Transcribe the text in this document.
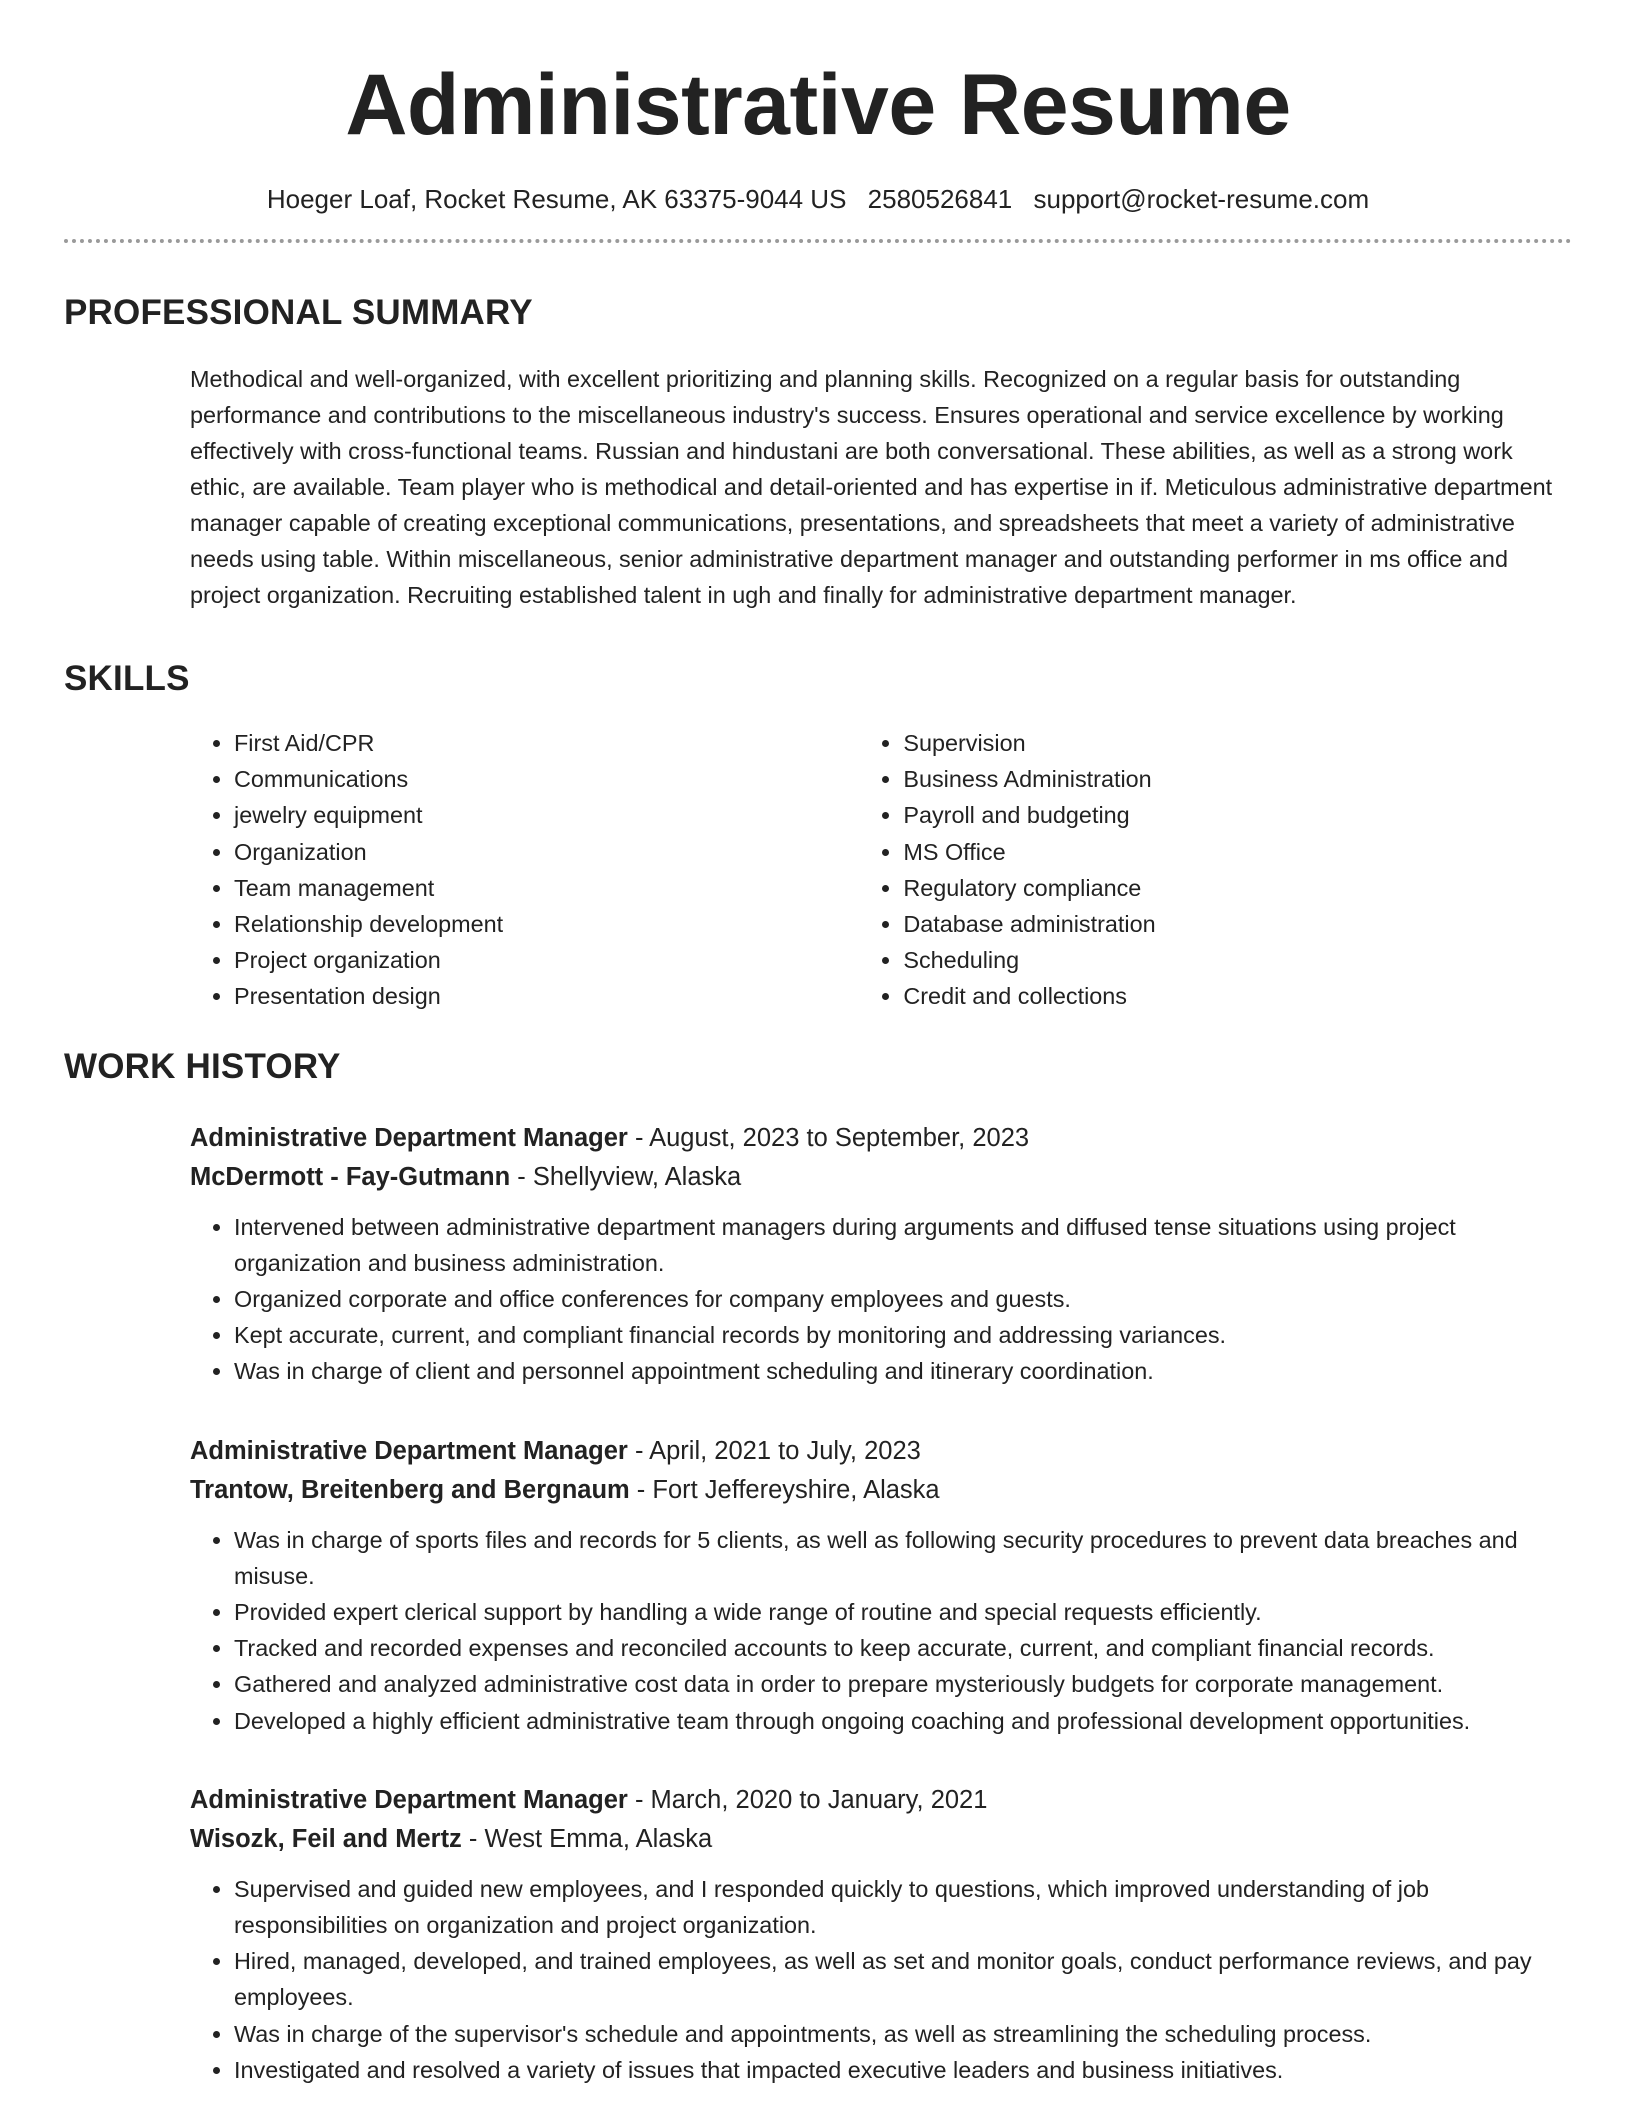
Administrative Resume
Hoeger Loaf, Rocket Resume, AK 63375-9044 US 2580526841 support@rocket-resume.com
PROFESSIONAL SUMMARY
Methodical and well-organized, with excellent prioritizing and planning skills. Recognized on a regular basis for outstanding performance and contributions to the miscellaneous industry's success. Ensures operational and service excellence by working effectively with cross-functional teams. Russian and hindustani are both conversational. These abilities, as well as a strong work ethic, are available. Team player who is methodical and detail-oriented and has expertise in if. Meticulous administrative department manager capable of creating exceptional communications, presentations, and spreadsheets that meet a variety of administrative needs using table. Within miscellaneous, senior administrative department manager and outstanding performer in ms office and project organization. Recruiting established talent in ugh and finally for administrative department manager.
SKILLS
• First Aid/CPR
• Communications
• jewelry equipment
• Organization
• Team management
• Relationship development
• Project organization
• Presentation design
• Supervision
• Business Administration
• Payroll and budgeting
• MS Office
• Regulatory compliance
• Database administration
• Scheduling
• Credit and collections
WORK HISTORY
Administrative Department Manager - August, 2023 to September, 2023
McDermott - Fay-Gutmann - Shellyview, Alaska
• Intervened between administrative department managers during arguments and diffused tense situations using project organization and business administration.
• Organized corporate and office conferences for company employees and guests.
• Kept accurate, current, and compliant financial records by monitoring and addressing variances.
• Was in charge of client and personnel appointment scheduling and itinerary coordination.
Administrative Department Manager - April, 2021 to July, 2023
Trantow, Breitenberg and Bergnaum - Fort Jeffereyshire, Alaska
• Was in charge of sports files and records for 5 clients, as well as following security procedures to prevent data breaches and misuse.
• Provided expert clerical support by handling a wide range of routine and special requests efficiently.
• Tracked and recorded expenses and reconciled accounts to keep accurate, current, and compliant financial records.
• Gathered and analyzed administrative cost data in order to prepare mysteriously budgets for corporate management.
• Developed a highly efficient administrative team through ongoing coaching and professional development opportunities.
Administrative Department Manager - March, 2020 to January, 2021
Wisozk, Feil and Mertz - West Emma, Alaska
• Supervised and guided new employees, and I responded quickly to questions, which improved understanding of job responsibilities on organization and project organization.
• Hired, managed, developed, and trained employees, as well as set and monitor goals, conduct performance reviews, and pay employees.
• Was in charge of the supervisor's schedule and appointments, as well as streamlining the scheduling process.
• Investigated and resolved a variety of issues that impacted executive leaders and business initiatives.
